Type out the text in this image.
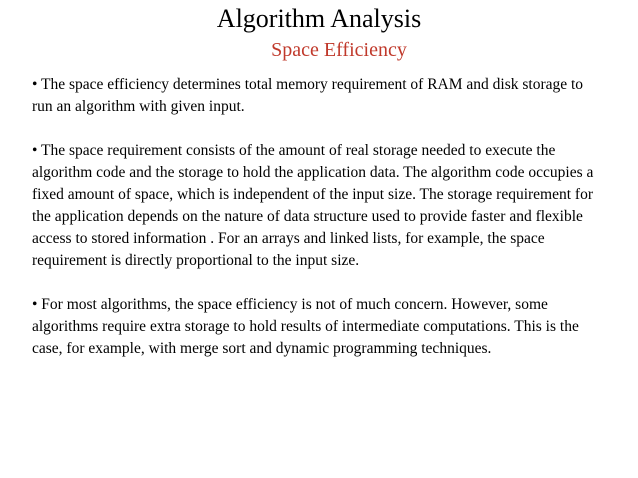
Algorithm Analysis
Space Efficiency

• The space efficiency determines total memory requirement of RAM and disk storage to
run an algorithm with given input.

• The space requirement consists of the amount of real storage needed to execute the
algorithm code and the storage to hold the application data. The algorithm code occupies a
fixed amount of space, which is independent of the input size. The storage requirement for
the application depends on the nature of data structure used to provide faster and flexible
access to stored information . For an arrays and linked lists, for example, the space
requirement is directly proportional to the input size.

• For most algorithms, the space efficiency is not of much concern. However, some
algorithms require extra storage to hold results of intermediate computations. This is the
case, for example, with merge sort and dynamic programming techniques.
